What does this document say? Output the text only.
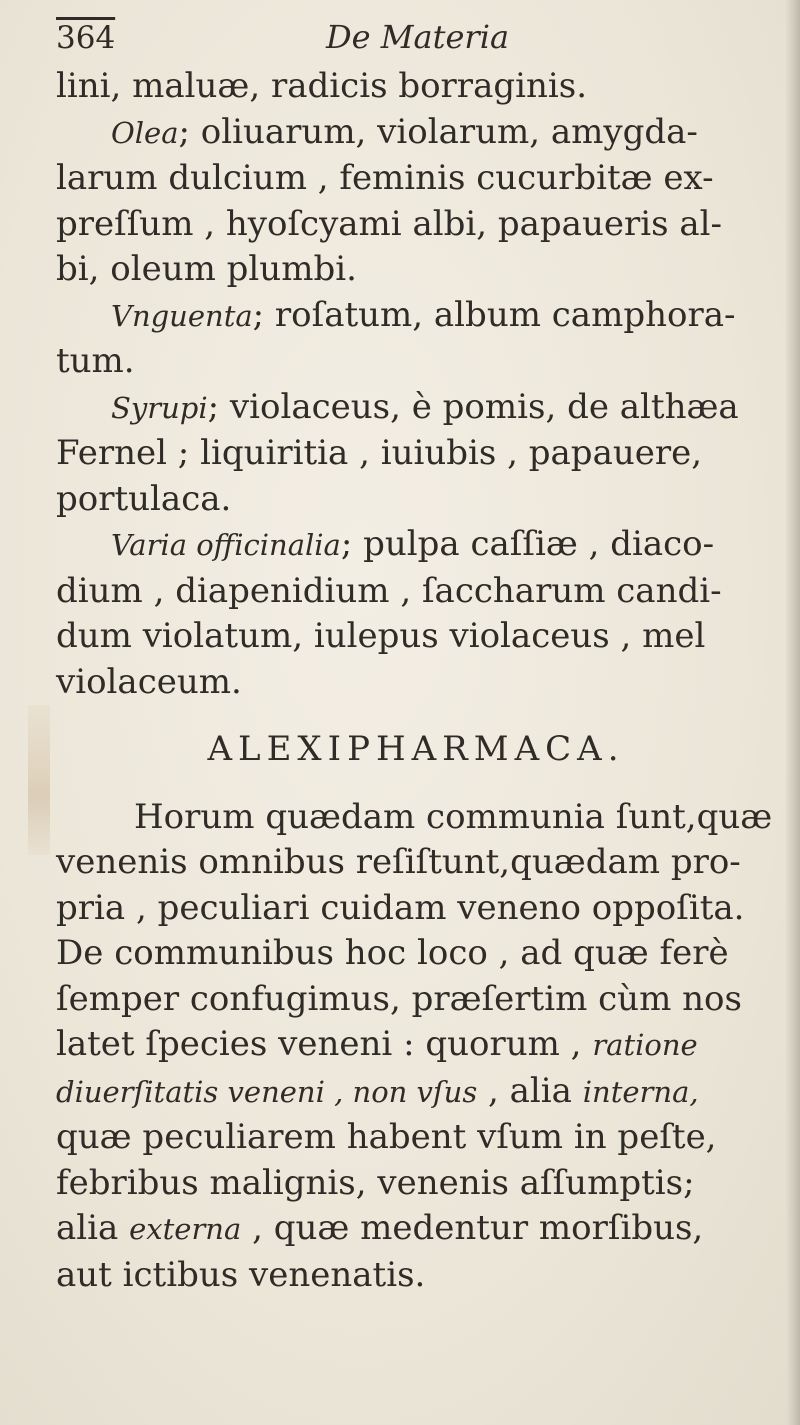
364	De Materia
lini, maluæ, radicis borraginis.
Olea; oliuarum, violarum, amygda-
larum dulcium , feminis cucurbitæ ex-
preſſum , hyoſcyami albi, papaueris al-
bi, oleum plumbi.
Vnguenta; roſatum, album camphora-
tum.
Syrupi; violaceus, è pomis, de althæa
Fernel ; liquiritia , iuiubis , papauere,
portulaca.
Varia officinalia; pulpa caſſiæ , diaco-
dium , diapenidium , ſaccharum candi-
dum violatum, iulepus violaceus , mel
violaceum.
ALEXIPHARMACA.
Horum quædam communia ſunt,quæ
venenis omnibus reſiſtunt,quædam pro-
pria , peculiari cuidam veneno oppoſita.
De communibus hoc loco , ad quæ ferè
ſemper confugimus, præſertim cùm nos
latet ſpecies veneni : quorum , ratione
diuerſitatis veneni , non vſus , alia interna,
quæ peculiarem habent vſum in peſte,
febribus malignis, venenis aſſumptis;
alia externa , quæ medentur morſibus,
aut ictibus venenatis.
